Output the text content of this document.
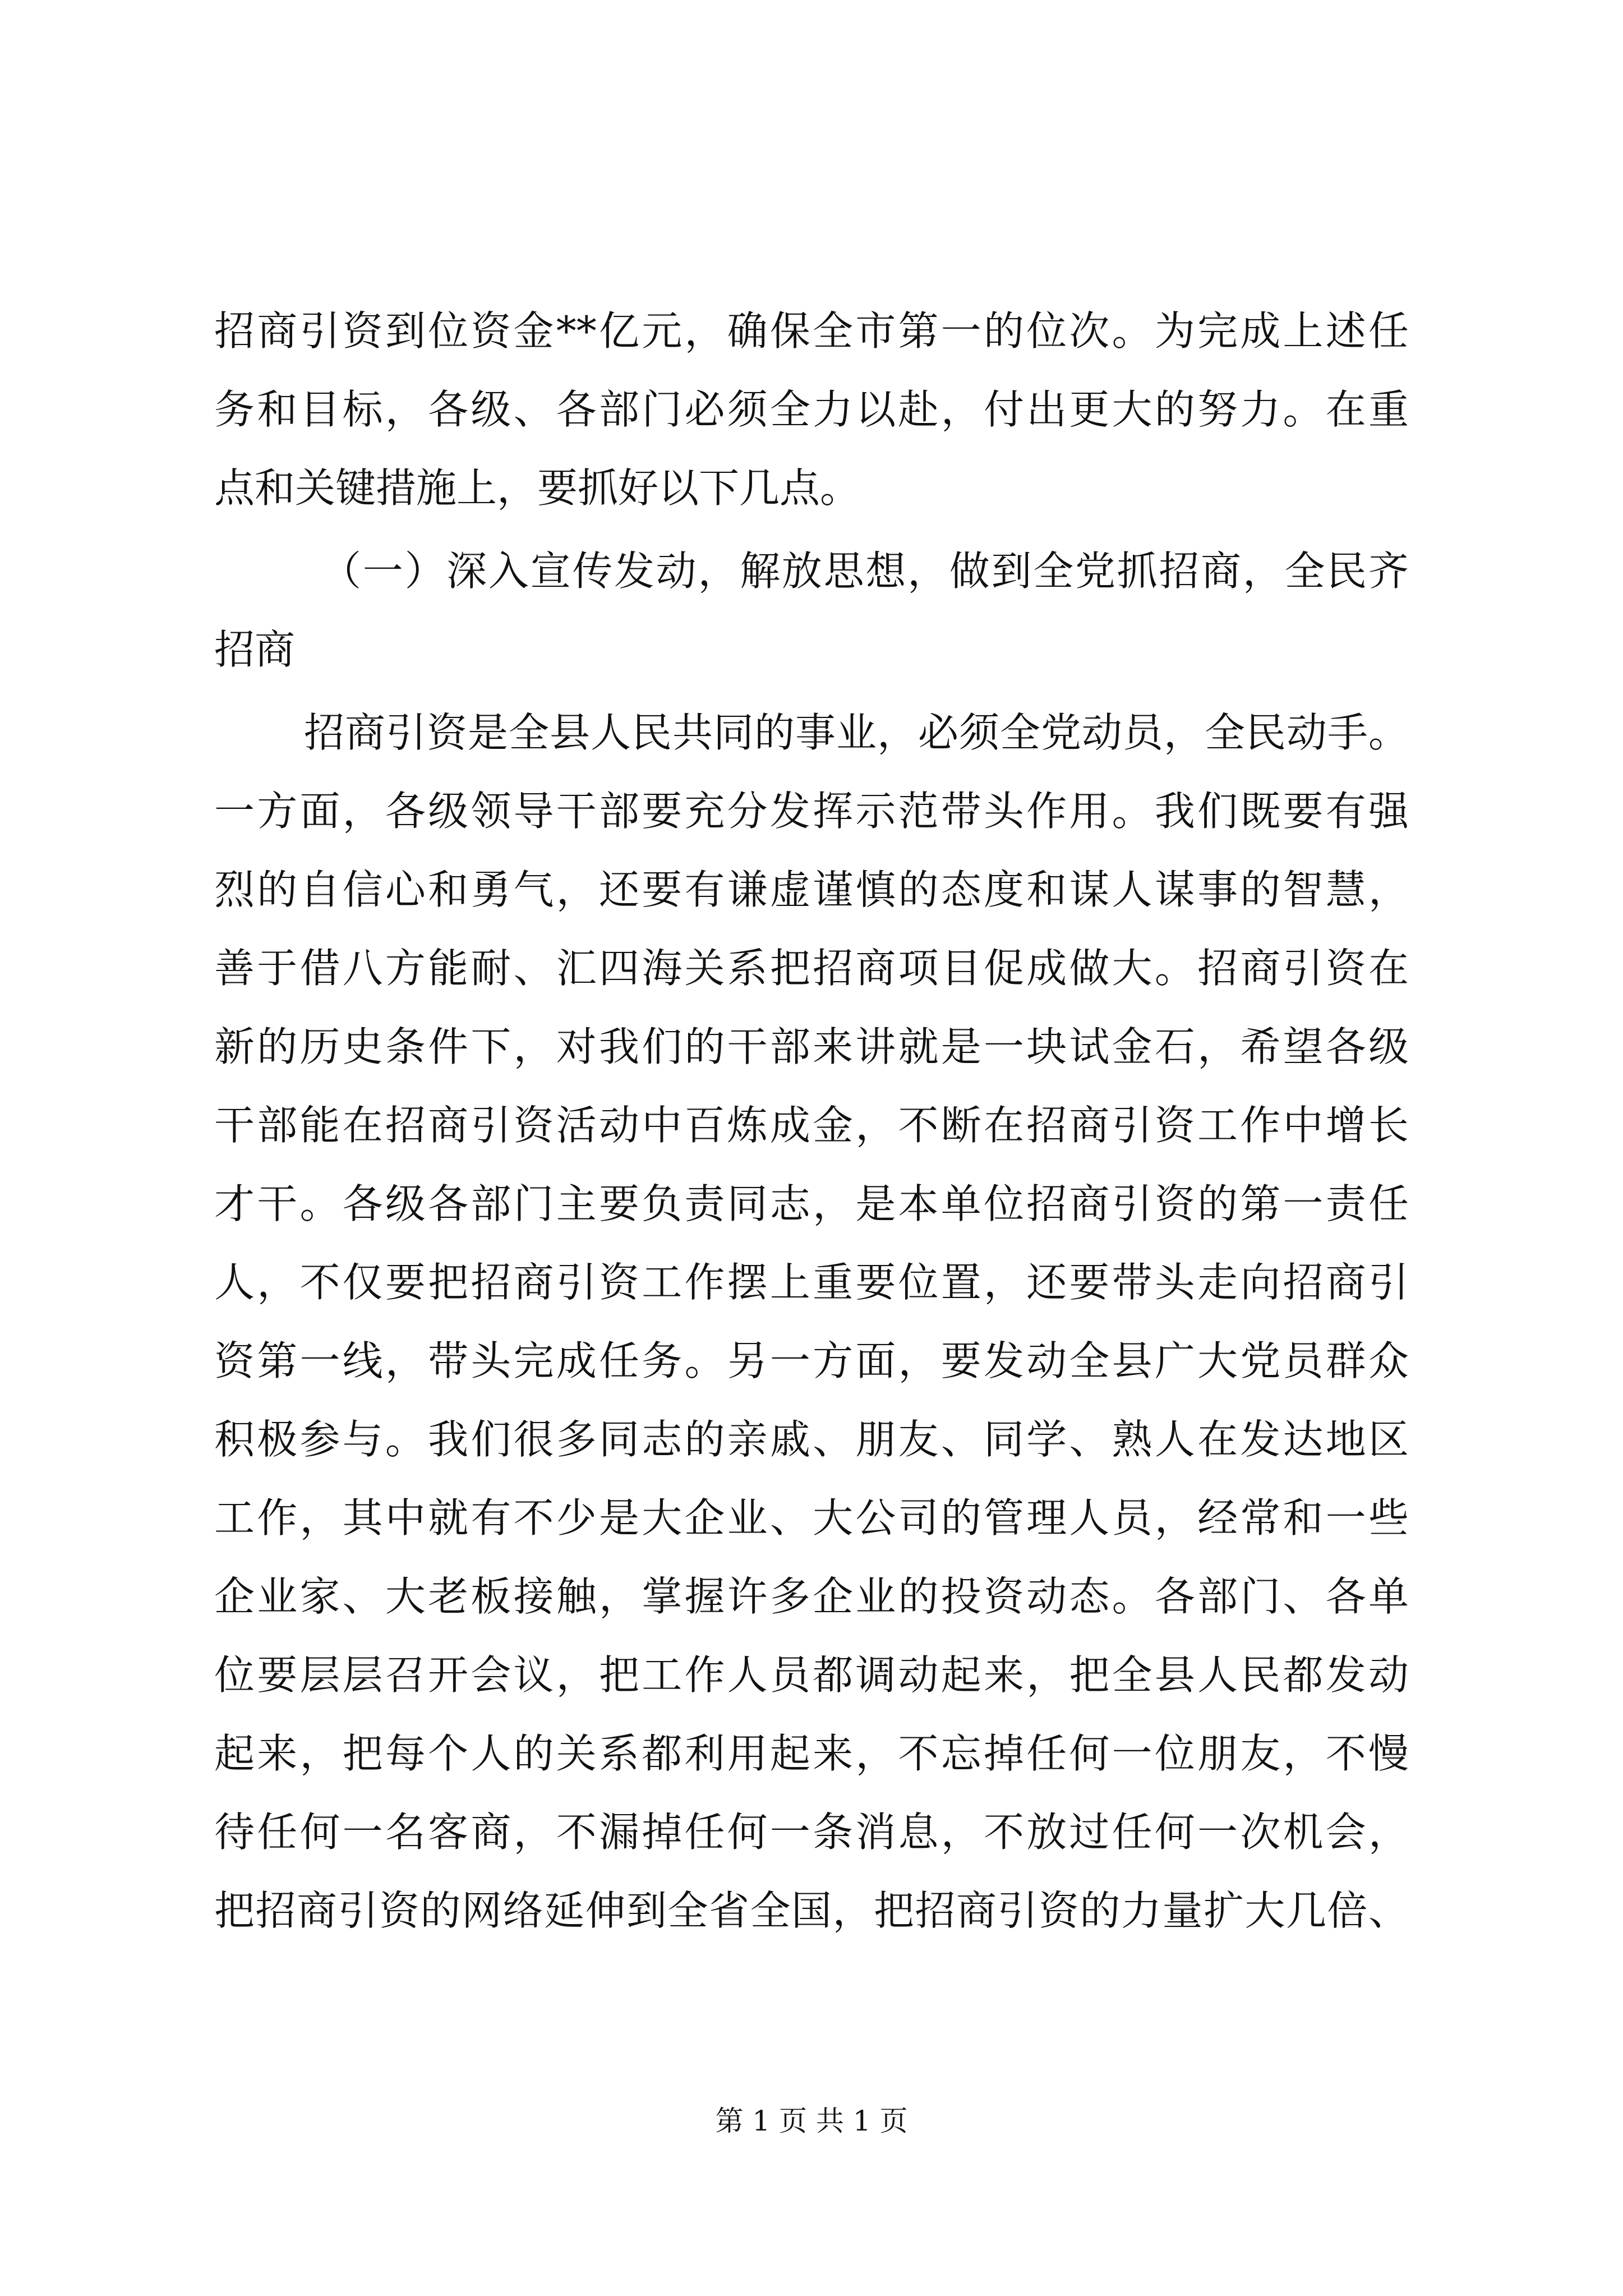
招商引资到位资金**亿元，确保全市第一的位次。为完成上述任
务和目标，各级、各部门必须全力以赴，付出更大的努力。在重
点和关键措施上，要抓好以下几点。
（一）深入宣传发动，解放思想，做到全党抓招商，全民齐
招商
招商引资是全县人民共同的事业，必须全党动员，全民动手。
一方面，各级领导干部要充分发挥示范带头作用。我们既要有强
烈的自信心和勇气，还要有谦虚谨慎的态度和谋人谋事的智慧，
善于借八方能耐、汇四海关系把招商项目促成做大。招商引资在
新的历史条件下，对我们的干部来讲就是一块试金石，希望各级
干部能在招商引资活动中百炼成金，不断在招商引资工作中增长
才干。各级各部门主要负责同志，是本单位招商引资的第一责任
人，不仅要把招商引资工作摆上重要位置，还要带头走向招商引
资第一线，带头完成任务。另一方面，要发动全县广大党员群众
积极参与。我们很多同志的亲戚、朋友、同学、熟人在发达地区
工作，其中就有不少是大企业、大公司的管理人员，经常和一些
企业家、大老板接触，掌握许多企业的投资动态。各部门、各单
位要层层召开会议，把工作人员都调动起来，把全县人民都发动
起来，把每个人的关系都利用起来，不忘掉任何一位朋友，不慢
待任何一名客商，不漏掉任何一条消息，不放过任何一次机会，
把招商引资的网络延伸到全省全国，把招商引资的力量扩大几倍、
第 1 页 共 1 页
